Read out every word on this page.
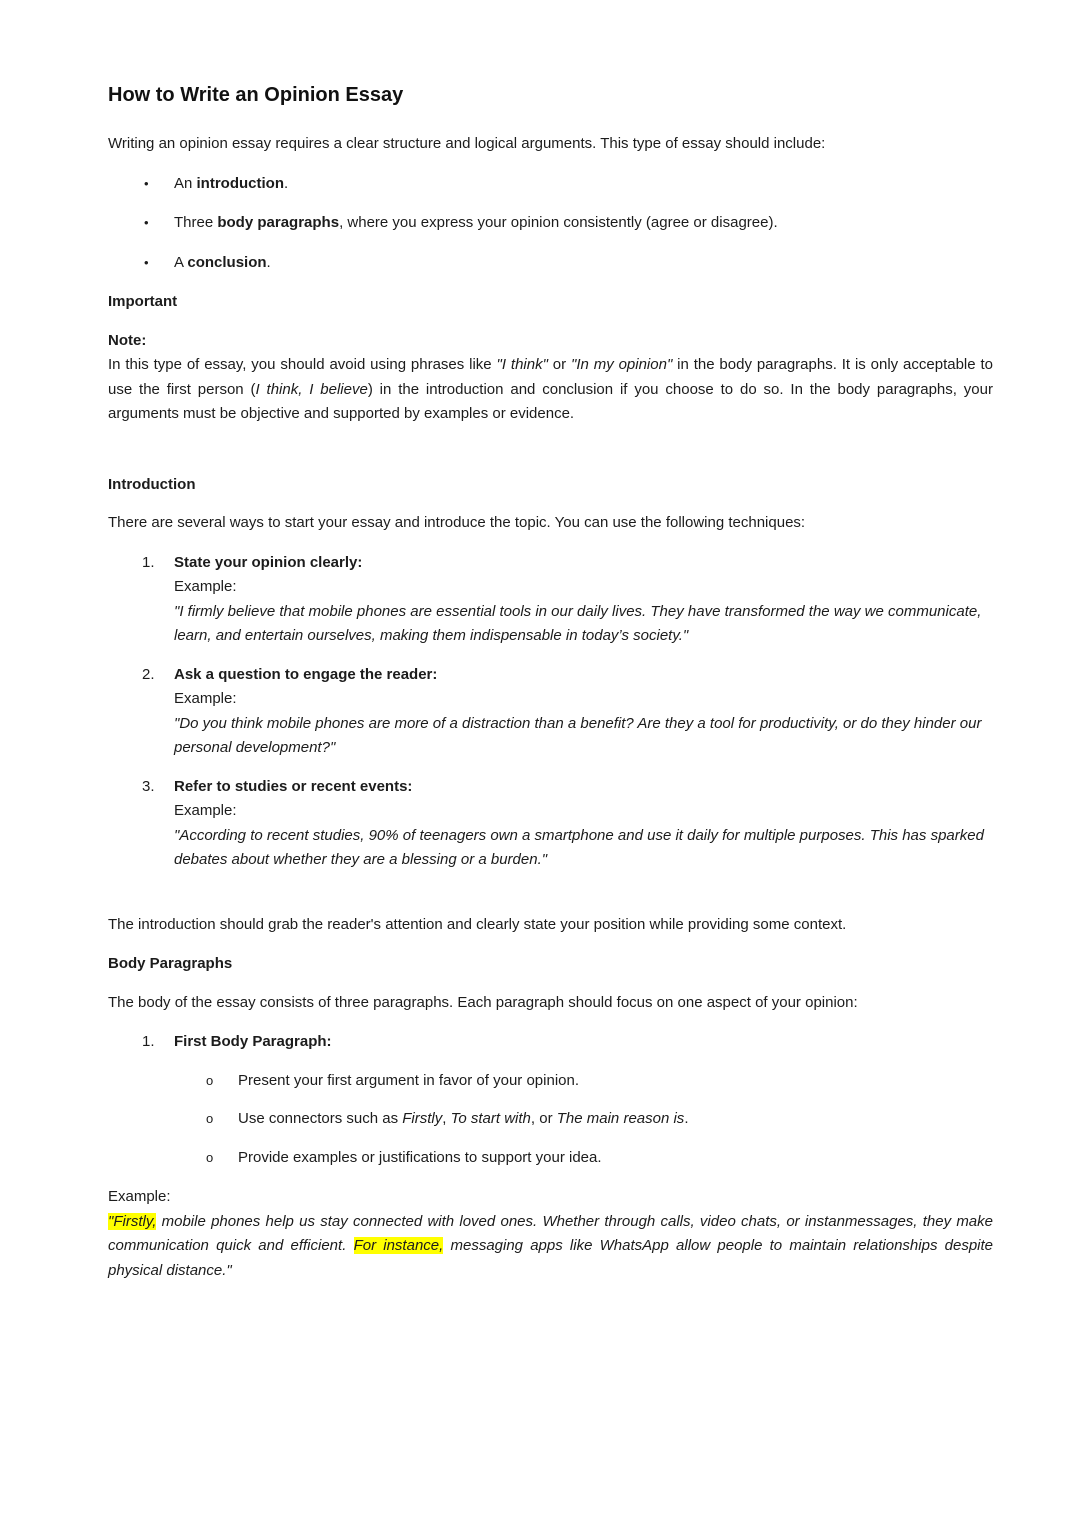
How to Write an Opinion Essay

Writing an opinion essay requires a clear structure and logical arguments. This type of essay should include:

•	An introduction.
•	Three body paragraphs, where you express your opinion consistently (agree or disagree).
•	A conclusion.

Important

Note:

In this type of essay, you should avoid using phrases like "I think" or "In my opinion" in the body paragraphs. It is only acceptable to use the first person (I think, I believe) in the introduction and conclusion if you choose to do so. In the body paragraphs, your arguments must be objective and supported by examples or evidence.

Introduction

There are several ways to start your essay and introduce the topic. You can use the following techniques:

1.	State your opinion clearly:
Example:
"I firmly believe that mobile phones are essential tools in our daily lives. They have transformed the way we communicate, learn, and entertain ourselves, making them indispensable in today’s society."
2.	Ask a question to engage the reader:
Example:
"Do you think mobile phones are more of a distraction than a benefit? Are they a tool for productivity, or do they hinder our personal development?"
3.	Refer to studies or recent events:
Example:
"According to recent studies, 90% of teenagers own a smartphone and use it daily for multiple purposes. This has sparked debates about whether they are a blessing or a burden."

The introduction should grab the reader's attention and clearly state your position while providing some context.

Body Paragraphs

The body of the essay consists of three paragraphs. Each paragraph should focus on one aspect of your opinion:

1.	First Body Paragraph:
o	Present your first argument in favor of your opinion.
o	Use connectors such as Firstly, To start with, or The main reason is.
o	Provide examples or justifications to support your idea.

Example:

"Firstly, mobile phones help us stay connected with loved ones. Whether through calls, video chats, or instanmessages, they make communication quick and efficient. For instance, messaging apps like WhatsApp allow people to maintain relationships despite physical distance."
